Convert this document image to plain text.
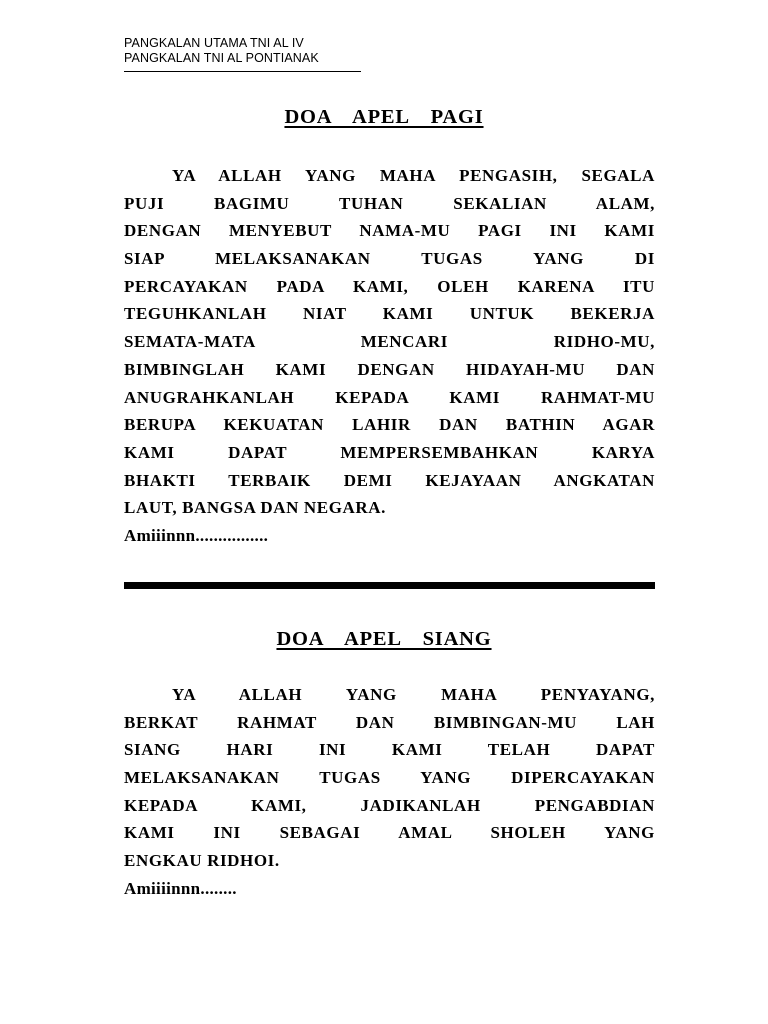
PANGKALAN UTAMA TNI AL IV
PANGKALAN TNI AL PONTIANAK
DOA  APEL  PAGI
YA ALLAH YANG MAHA PENGASIH, SEGALA
PUJI BAGIMU TUHAN SEKALIAN ALAM,
DENGAN MENYEBUT NAMA-MU PAGI INI KAMI
SIAP MELAKSANAKAN TUGAS YANG DI
PERCAYAKAN PADA KAMI, OLEH KARENA ITU
TEGUHKANLAH NIAT KAMI UNTUK BEKERJA
SEMATA-MATA MENCARI RIDHO-MU,
BIMBINGLAH KAMI DENGAN HIDAYAH-MU DAN
ANUGRAHKANLAH KEPADA KAMI RAHMAT-MU
BERUPA KEKUATAN LAHIR DAN BATHIN AGAR
KAMI DAPAT MEMPERSEMBAHKAN KARYA
BHAKTI TERBAIK DEMI KEJAYAAN ANGKATAN
LAUT, BANGSA DAN NEGARA.
Amiiinnn................
DOA  APEL  SIANG
YA ALLAH YANG MAHA PENYAYANG,
BERKAT RAHMAT DAN BIMBINGAN-MU LAH
SIANG HARI INI KAMI TELAH DAPAT
MELAKSANAKAN TUGAS YANG DIPERCAYAKAN
KEPADA KAMI, JADIKANLAH PENGABDIAN
KAMI INI SEBAGAI AMAL SHOLEH YANG
ENGKAU RIDHOI.
Amiiiinnn........
